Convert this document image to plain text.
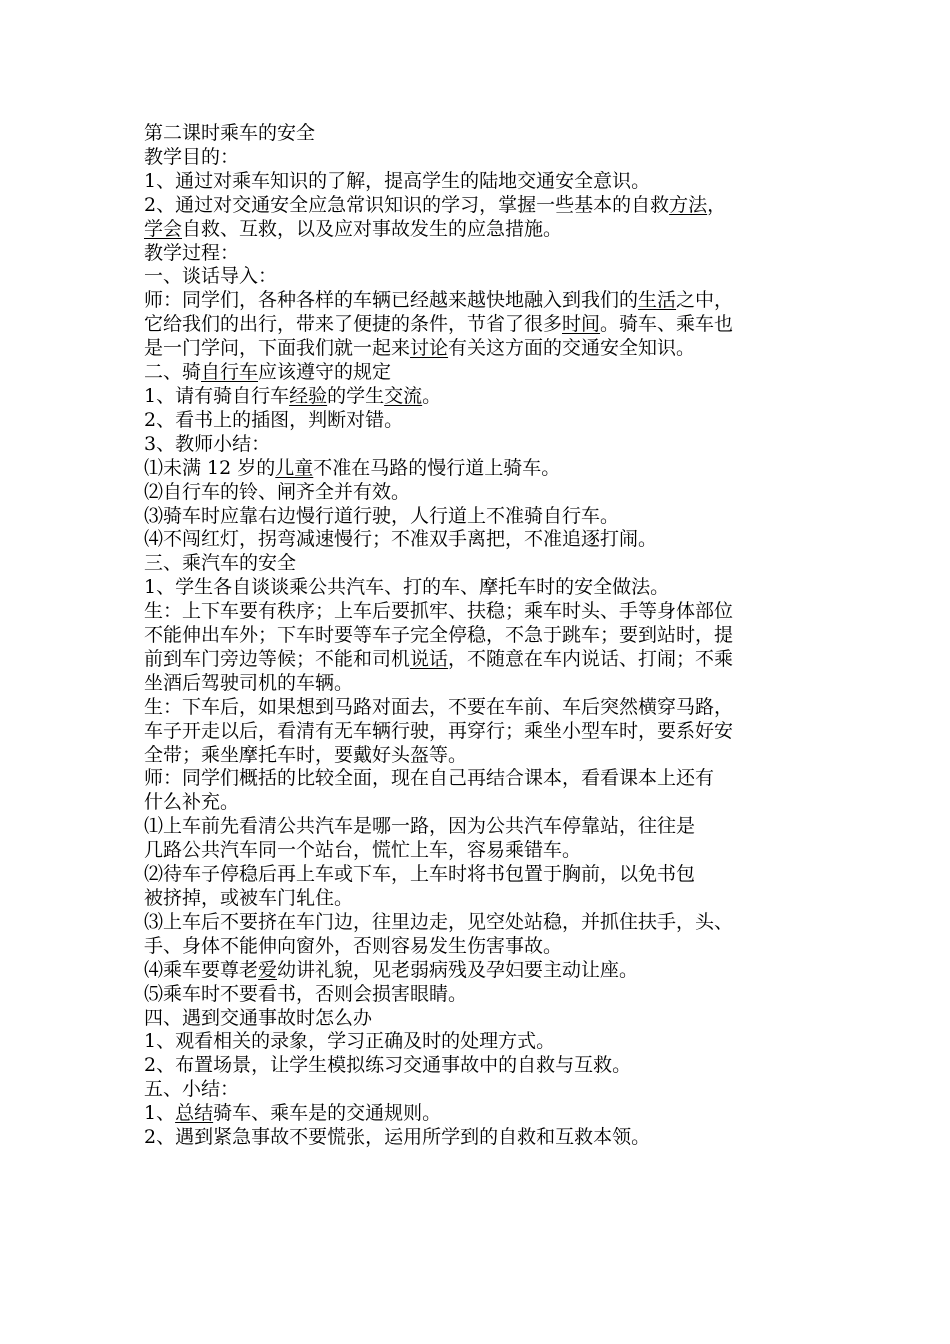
第二课时乘车的安全
教学目的：
1、通过对乘车知识的了解，提高学生的陆地交通安全意识。
2、通过对交通安全应急常识知识的学习，掌握一些基本的自救方法，
学会自救、互救，以及应对事故发生的应急措施。
教学过程：
一、谈话导入：
师：同学们，各种各样的车辆已经越来越快地融入到我们的生活之中，
它给我们的出行，带来了便捷的条件，节省了很多时间。骑车、乘车也
是一门学问，下面我们就一起来讨论有关这方面的交通安全知识。
二、骑自行车应该遵守的规定
1、请有骑自行车经验的学生交流。
2、看书上的插图，判断对错。
3、教师小结：
⑴未满 12 岁的儿童不准在马路的慢行道上骑车。
⑵自行车的铃、闸齐全并有效。
⑶骑车时应靠右边慢行道行驶，人行道上不准骑自行车。
⑷不闯红灯，拐弯减速慢行；不准双手离把，不准追逐打闹。
三、乘汽车的安全
1、学生各自谈谈乘公共汽车、打的车、摩托车时的安全做法。
生：上下车要有秩序；上车后要抓牢、扶稳；乘车时头、手等身体部位
不能伸出车外；下车时要等车子完全停稳，不急于跳车；要到站时，提
前到车门旁边等候；不能和司机说话，不随意在车内说话、打闹；不乘
坐酒后驾驶司机的车辆。
生：下车后，如果想到马路对面去，不要在车前、车后突然横穿马路，
车子开走以后，看清有无车辆行驶，再穿行；乘坐小型车时，要系好安
全带；乘坐摩托车时，要戴好头盔等。
师：同学们概括的比较全面，现在自己再结合课本，看看课本上还有
什么补充。
⑴上车前先看清公共汽车是哪一路，因为公共汽车停靠站，往往是
几路公共汽车同一个站台，慌忙上车，容易乘错车。
⑵待车子停稳后再上车或下车，上车时将书包置于胸前，以免书包
被挤掉，或被车门轧住。
⑶上车后不要挤在车门边，往里边走，见空处站稳，并抓住扶手，头、
手、身体不能伸向窗外，否则容易发生伤害事故。
⑷乘车要尊老爱幼讲礼貌，见老弱病残及孕妇要主动让座。
⑸乘车时不要看书，否则会损害眼睛。
四、遇到交通事故时怎么办
1、观看相关的录象，学习正确及时的处理方式。
2、布置场景，让学生模拟练习交通事故中的自救与互救。
五、小结：
1、总结骑车、乘车是的交通规则。
2、遇到紧急事故不要慌张，运用所学到的自救和互救本领。
